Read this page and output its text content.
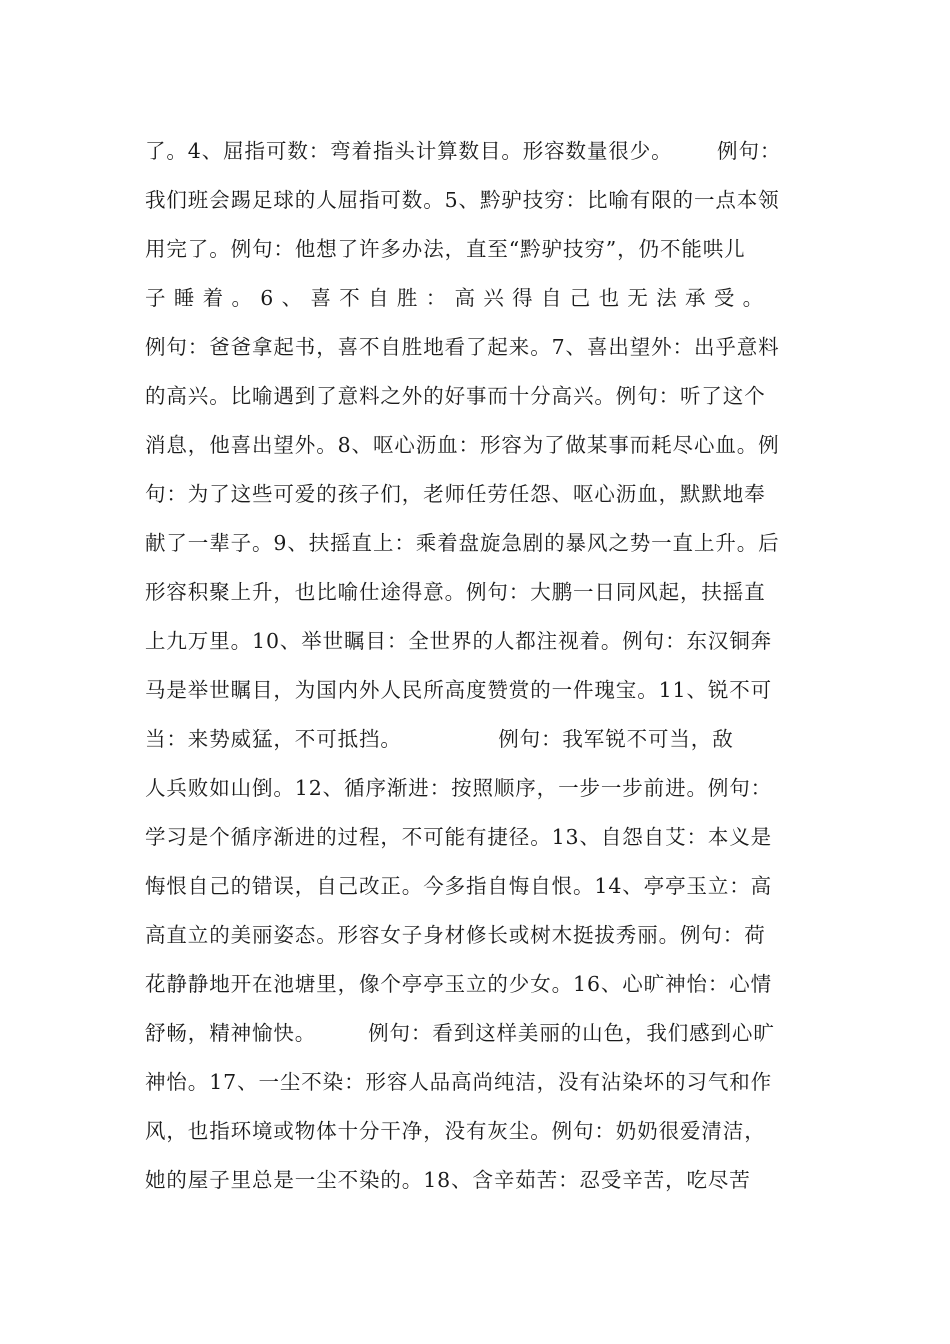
了。4、屈指可数：弯着指头计算数目。形容数量很少。      例句：
我们班会踢足球的人屈指可数。5、黔驴技穷：比喻有限的一点本领
用完了。例句：他想了许多办法，直至“黔驴技穷”，仍不能哄儿
子 睡 着 。 6 、 喜 不 自 胜 ： 高 兴 得 自 己 也 无 法 承 受 。
例句：爸爸拿起书，喜不自胜地看了起来。7、喜出望外：出乎意料
的高兴。比喻遇到了意料之外的好事而十分高兴。例句：听了这个
消息，他喜出望外。8、呕心沥血：形容为了做某事而耗尽心血。例
句：为了这些可爱的孩子们，老师任劳任怨、呕心沥血，默默地奉
献了一辈子。9、扶摇直上：乘着盘旋急剧的暴风之势一直上升。后
形容积聚上升，也比喻仕途得意。例句：大鹏一日同风起，扶摇直
上九万里。10、举世瞩目：全世界的人都注视着。例句：东汉铜奔
马是举世瞩目，为国内外人民所高度赞赏的一件瑰宝。11、锐不可
当：来势威猛，不可抵挡。             例句：我军锐不可当，敌
人兵败如山倒。12、循序渐进：按照顺序，一步一步前进。例句：
学习是个循序渐进的过程，不可能有捷径。13、自怨自艾：本义是
悔恨自己的错误，自己改正。今多指自悔自恨。14、亭亭玉立：高
高直立的美丽姿态。形容女子身材修长或树木挺拔秀丽。例句：荷
花静静地开在池塘里，像个亭亭玉立的少女。16、心旷神怡：心情
舒畅，精神愉快。       例句：看到这样美丽的山色，我们感到心旷
神怡。17、一尘不染：形容人品高尚纯洁，没有沾染坏的习气和作
风，也指环境或物体十分干净，没有灰尘。例句：奶奶很爱清洁，
她的屋子里总是一尘不染的。18、含辛茹苦：忍受辛苦，吃尽苦
